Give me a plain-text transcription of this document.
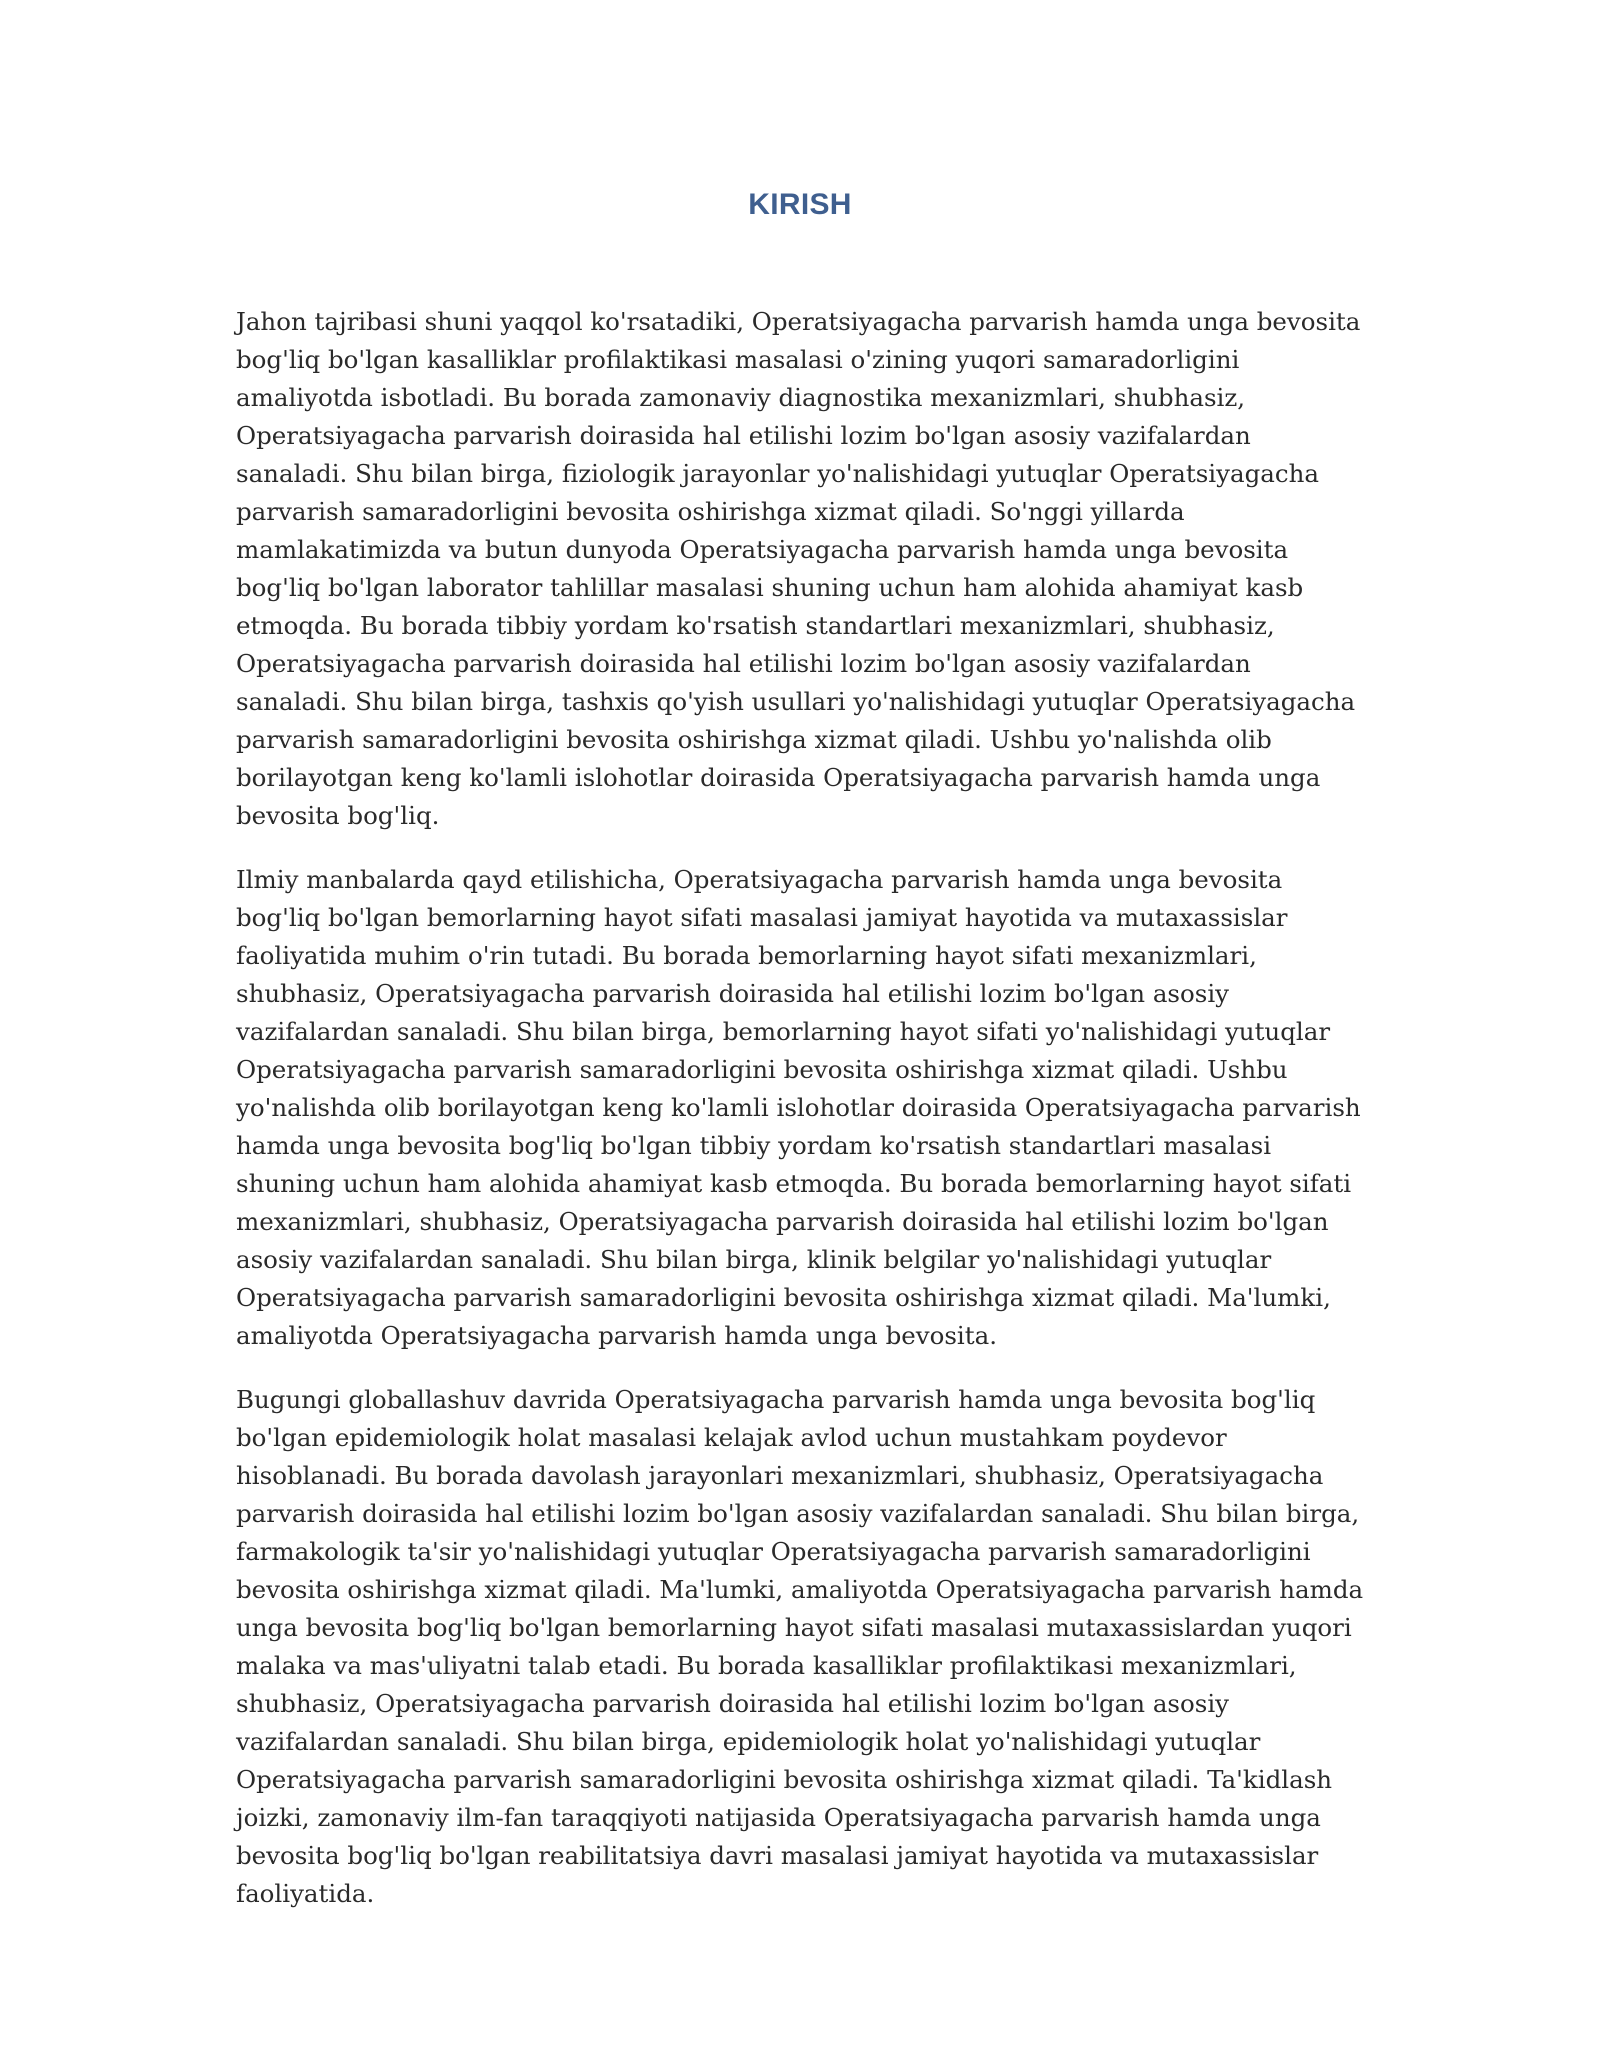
KIRISH

Jahon tajribasi shuni yaqqol ko'rsatadiki, Operatsiyagacha parvarish hamda unga bevosita bog'liq bo'lgan kasalliklar profilaktikasi masalasi o'zining yuqori samaradorligini amaliyotda isbotladi. Bu borada zamonaviy diagnostika mexanizmlari, shubhasiz, Operatsiyagacha parvarish doirasida hal etilishi lozim bo'lgan asosiy vazifalardan sanaladi. Shu bilan birga, fiziologik jarayonlar yo'nalishidagi yutuqlar Operatsiyagacha parvarish samaradorligini bevosita oshirishga xizmat qiladi. So'nggi yillarda mamlakatimizda va butun dunyoda Operatsiyagacha parvarish hamda unga bevosita bog'liq bo'lgan laborator tahlillar masalasi shuning uchun ham alohida ahamiyat kasb etmoqda. Bu borada tibbiy yordam ko'rsatish standartlari mexanizmlari, shubhasiz, Operatsiyagacha parvarish doirasida hal etilishi lozim bo'lgan asosiy vazifalardan sanaladi. Shu bilan birga, tashxis qo'yish usullari yo'nalishidagi yutuqlar Operatsiyagacha parvarish samaradorligini bevosita oshirishga xizmat qiladi. Ushbu yo'nalishda olib borilayotgan keng ko'lamli islohotlar doirasida Operatsiyagacha parvarish hamda unga bevosita bog'liq.

Ilmiy manbalarda qayd etilishicha, Operatsiyagacha parvarish hamda unga bevosita bog'liq bo'lgan bemorlarning hayot sifati masalasi jamiyat hayotida va mutaxassislar faoliyatida muhim o'rin tutadi. Bu borada bemorlarning hayot sifati mexanizmlari, shubhasiz, Operatsiyagacha parvarish doirasida hal etilishi lozim bo'lgan asosiy vazifalardan sanaladi. Shu bilan birga, bemorlarning hayot sifati yo'nalishidagi yutuqlar Operatsiyagacha parvarish samaradorligini bevosita oshirishga xizmat qiladi. Ushbu yo'nalishda olib borilayotgan keng ko'lamli islohotlar doirasida Operatsiyagacha parvarish hamda unga bevosita bog'liq bo'lgan tibbiy yordam ko'rsatish standartlari masalasi shuning uchun ham alohida ahamiyat kasb etmoqda. Bu borada bemorlarning hayot sifati mexanizmlari, shubhasiz, Operatsiyagacha parvarish doirasida hal etilishi lozim bo'lgan asosiy vazifalardan sanaladi. Shu bilan birga, klinik belgilar yo'nalishidagi yutuqlar Operatsiyagacha parvarish samaradorligini bevosita oshirishga xizmat qiladi. Ma'lumki, amaliyotda Operatsiyagacha parvarish hamda unga bevosita.

Bugungi globallashuv davrida Operatsiyagacha parvarish hamda unga bevosita bog'liq bo'lgan epidemiologik holat masalasi kelajak avlod uchun mustahkam poydevor hisoblanadi. Bu borada davolash jarayonlari mexanizmlari, shubhasiz, Operatsiyagacha parvarish doirasida hal etilishi lozim bo'lgan asosiy vazifalardan sanaladi. Shu bilan birga, farmakologik ta'sir yo'nalishidagi yutuqlar Operatsiyagacha parvarish samaradorligini bevosita oshirishga xizmat qiladi. Ma'lumki, amaliyotda Operatsiyagacha parvarish hamda unga bevosita bog'liq bo'lgan bemorlarning hayot sifati masalasi mutaxassislardan yuqori malaka va mas'uliyatni talab etadi. Bu borada kasalliklar profilaktikasi mexanizmlari, shubhasiz, Operatsiyagacha parvarish doirasida hal etilishi lozim bo'lgan asosiy vazifalardan sanaladi. Shu bilan birga, epidemiologik holat yo'nalishidagi yutuqlar Operatsiyagacha parvarish samaradorligini bevosita oshirishga xizmat qiladi. Ta'kidlash joizki, zamonaviy ilm-fan taraqqiyoti natijasida Operatsiyagacha parvarish hamda unga bevosita bog'liq bo'lgan reabilitatsiya davri masalasi jamiyat hayotida va mutaxassislar faoliyatida.
